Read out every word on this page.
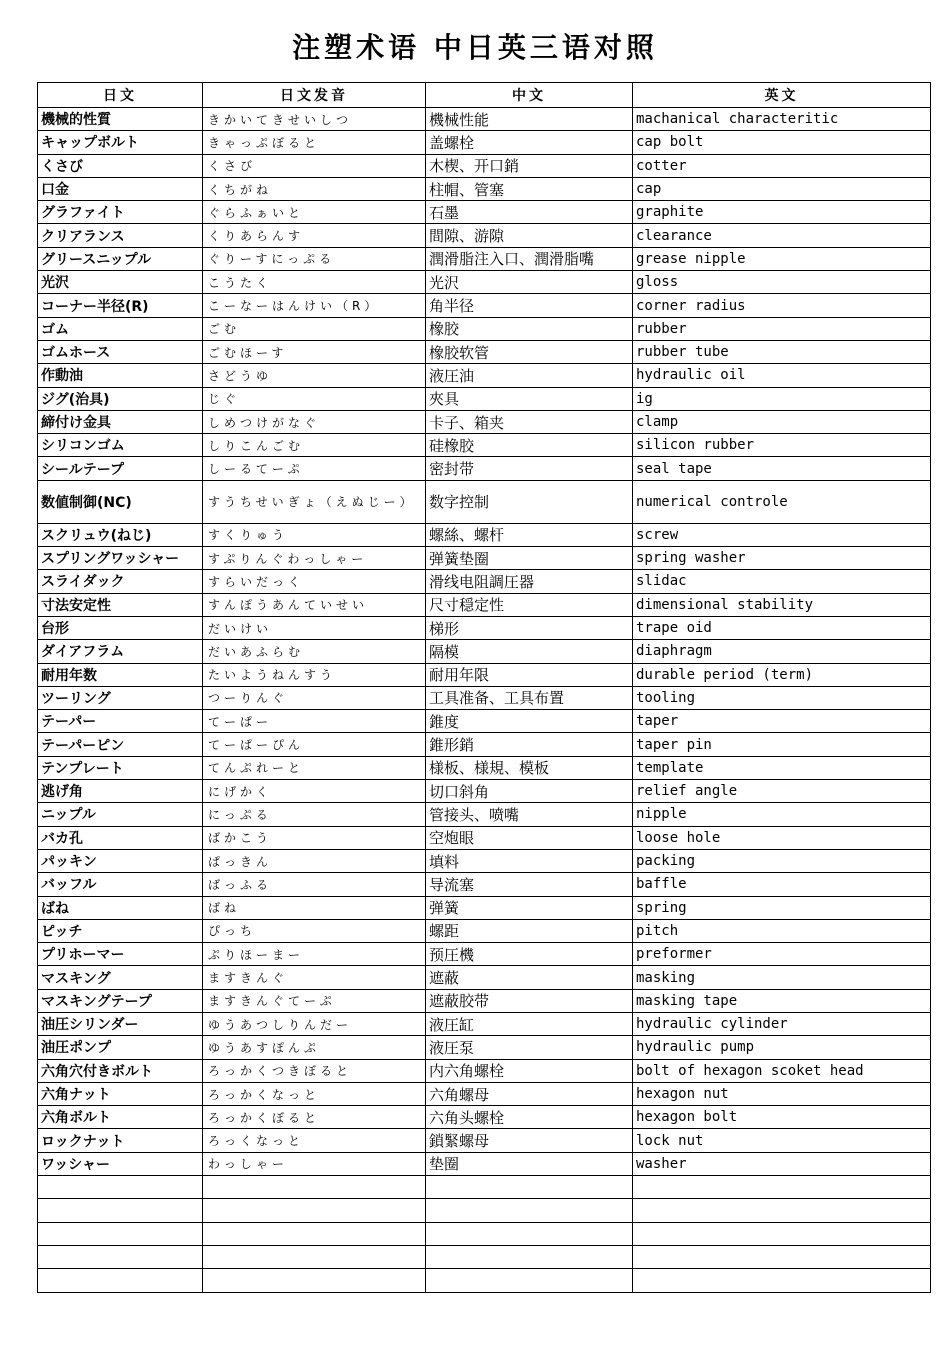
注塑术语 中日英三语对照
日文	日文发音	中文	英文
機械的性質	きかいてきせいしつ	機械性能	machanical characteritic
キャップボルト	きゃっぷぼると	盖螺栓	cap bolt
くさび	くさび	木楔、开口銷	cotter
口金	くちがね	柱帽、管塞	cap
グラファイト	ぐらふぁいと	石墨	graphite
クリアランス	くりあらんす	間隙、游隙	clearance
グリースニップル	ぐりーすにっぷる	潤滑脂注入口、潤滑脂嘴	grease nipple
光沢	こうたく	光沢	gloss
コーナー半径(R)	こーなーはんけい（R）	角半径	corner radius
ゴム	ごむ	橡胶	rubber
ゴムホース	ごむほーす	橡胶软管	rubber tube
作動油	さどうゆ	液圧油	hydraulic oil
ジグ(治具)	じぐ	夾具	ig
締付け金具	しめつけがなぐ	卡子、箱夹	clamp
シリコンゴム	しりこんごむ	硅橡胶	silicon rubber
シールテープ	しーるてーぷ	密封带	seal tape
数値制御(NC)	すうちせいぎょ（えぬじー）	数字控制	numerical controle
スクリュウ(ねじ)	すくりゅう	螺絲、螺杆	screw
スプリングワッシャー	すぷりんぐわっしゃー	弹簧垫圈	spring washer
スライダック	すらいだっく	滑线电阻調圧器	slidac
寸法安定性	すんぽうあんていせい	尺寸穏定性	dimensional stability
台形	だいけい	梯形	trape oid
ダイアフラム	だいあふらむ	隔模	diaphragm
耐用年数	たいようねんすう	耐用年限	durable period (term)
ツーリング	つーりんぐ	工具准备、工具布置	tooling
テーパー	てーぱー	錐度	taper
テーパーピン	てーぱーぴん	錐形銷	taper pin
テンプレート	てんぷれーと	様板、様規、模板	template
逃げ角	にげかく	切口斜角	relief angle
ニップル	にっぷる	管接头、喷嘴	nipple
バカ孔	ばかこう	空炮眼	loose hole
パッキン	ぱっきん	填料	packing
バッフル	ばっふる	导流塞	baffle
ばね	ばね	弹簧	spring
ピッチ	ぴっち	螺距	pitch
プリホーマー	ぷりほーまー	预圧機	preformer
マスキング	ますきんぐ	遮蔽	masking
マスキングテープ	ますきんぐてーぷ	遮蔽胶带	masking tape
油圧シリンダー	ゆうあつしりんだー	液圧缸	hydraulic cylinder
油圧ポンプ	ゆうあすぽんぷ	液圧泵	hydraulic pump
六角穴付きボルト	ろっかくつきぼると	内六角螺栓	bolt of hexagon scoket head
六角ナット	ろっかくなっと	六角螺母	hexagon nut
六角ボルト	ろっかくぼると	六角头螺栓	hexagon bolt
ロックナット	ろっくなっと	鎖緊螺母	lock nut
ワッシャー	わっしゃー	垫圈	washer
